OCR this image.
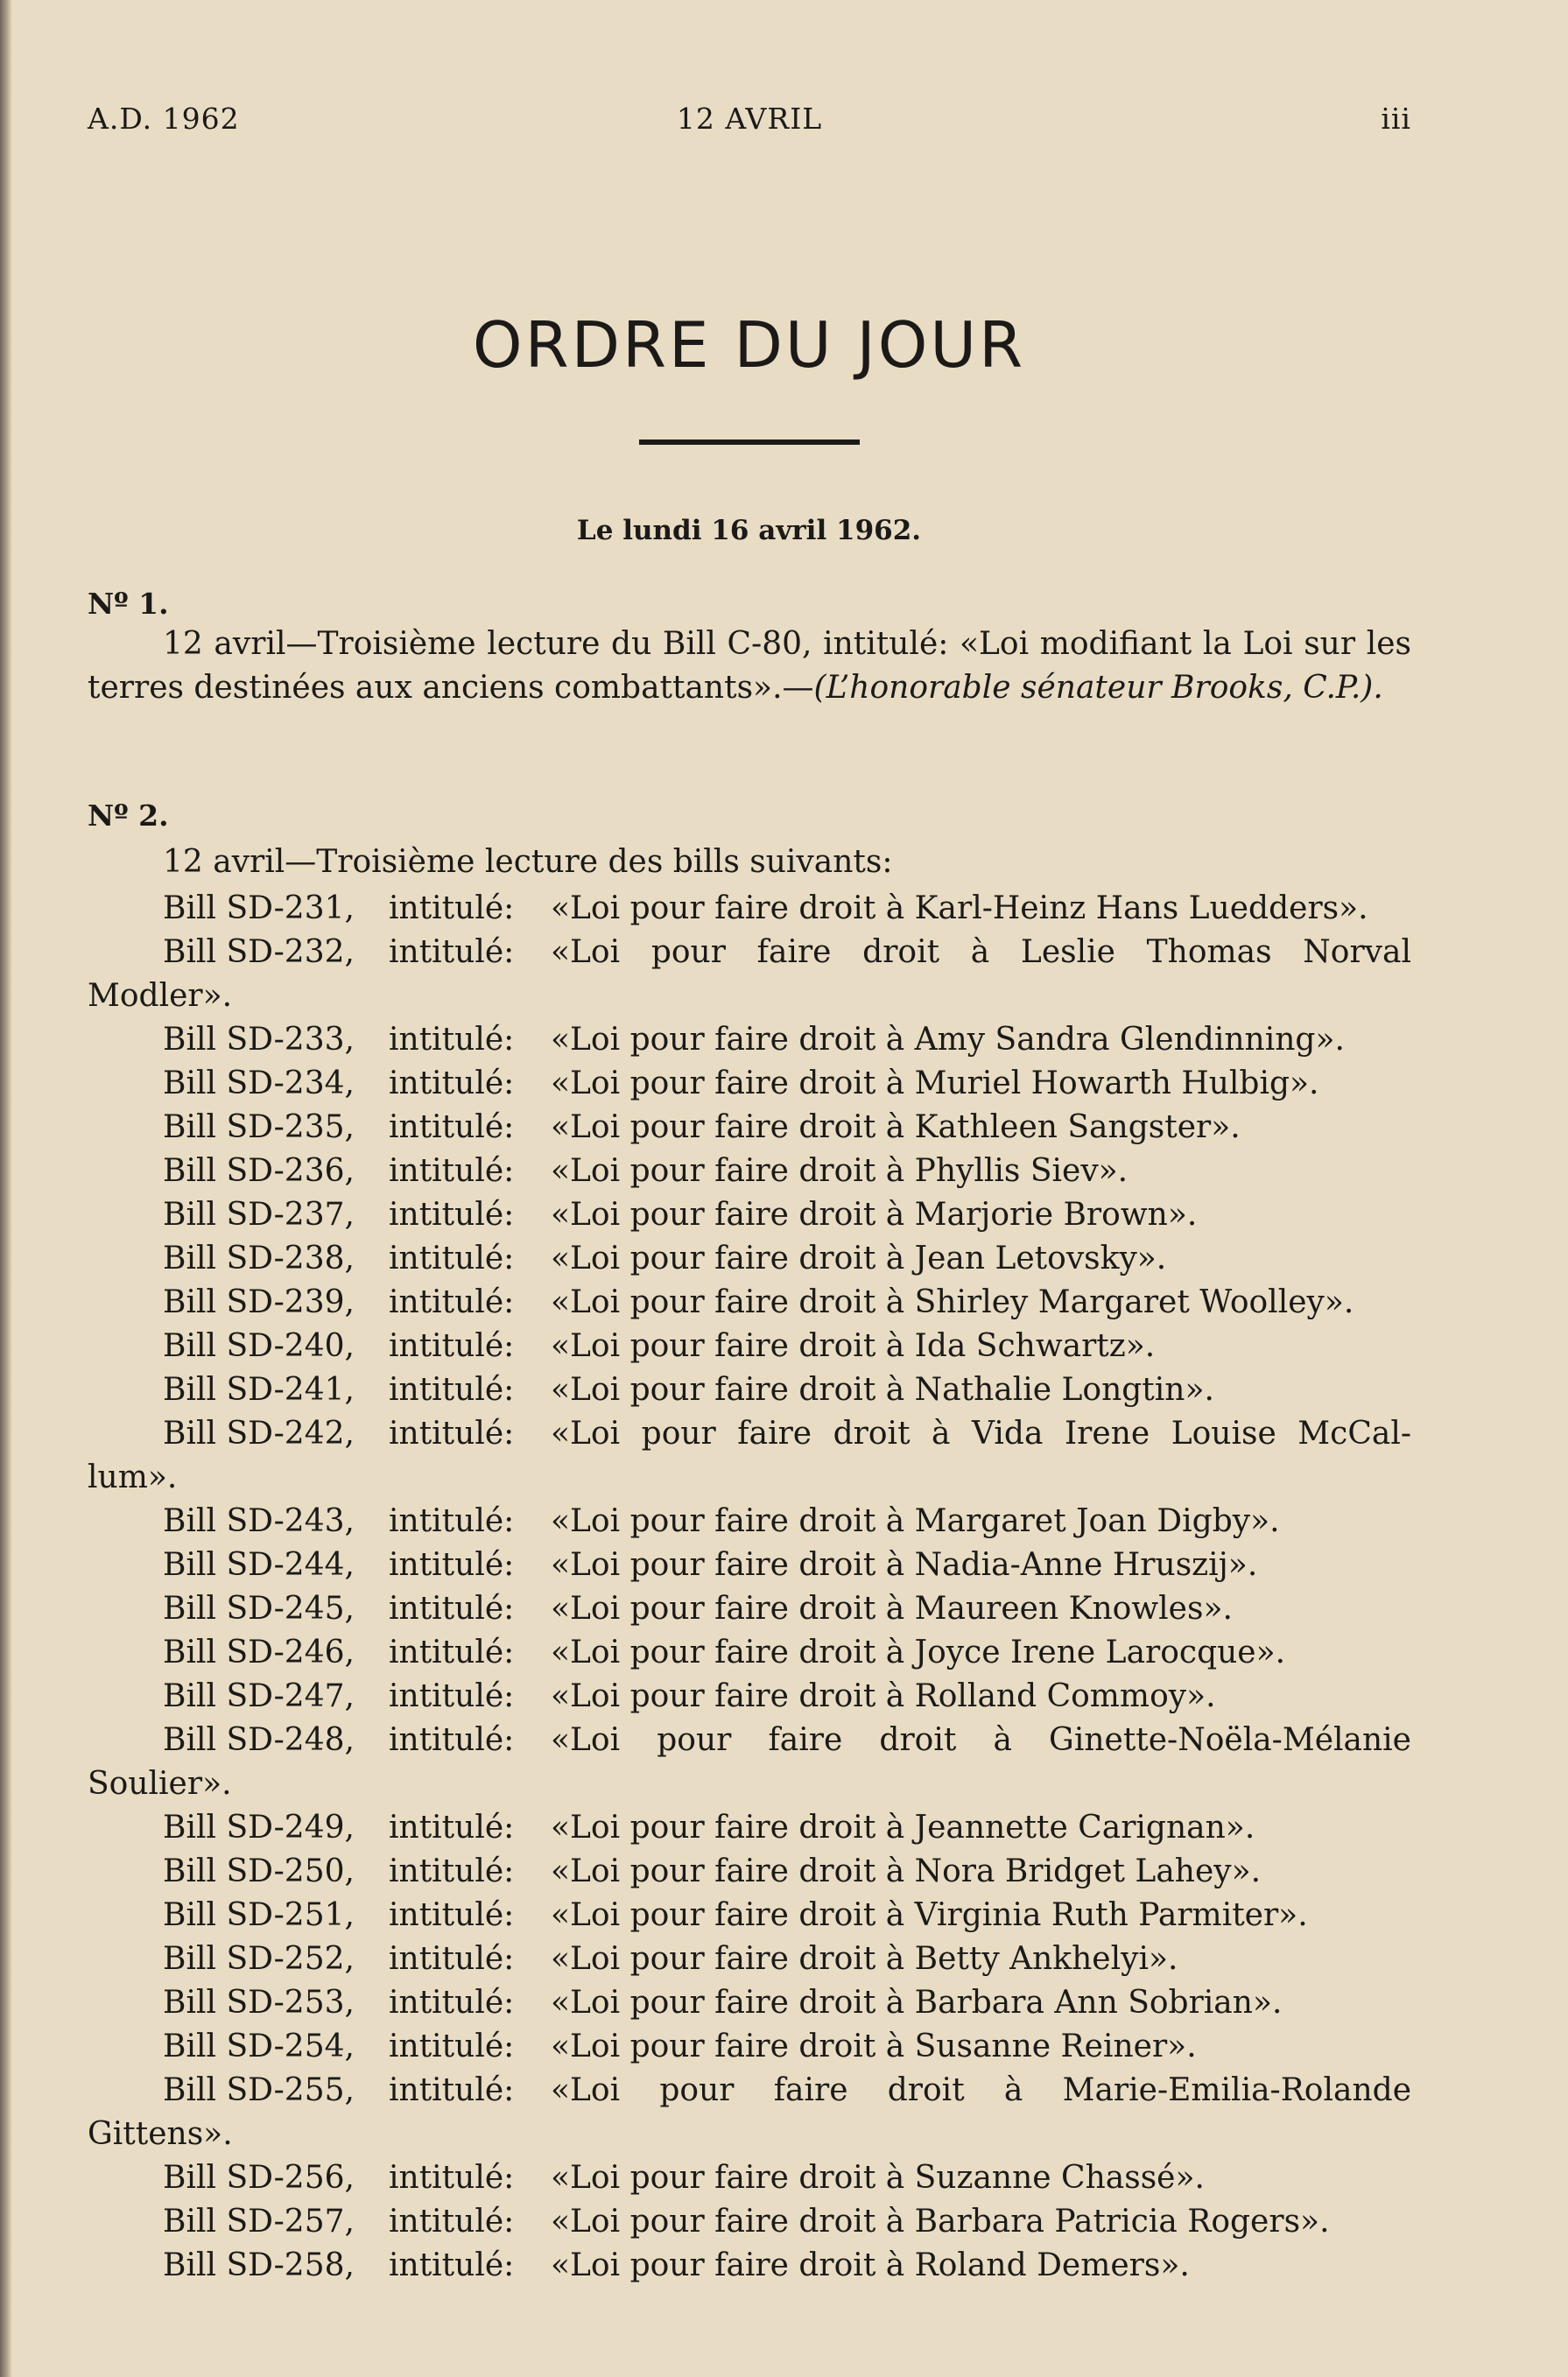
A.D. 1962	12 AVRIL	iii
ORDRE DU JOUR
Le lundi 16 avril 1962.
Nº 1.

12 avril—Troisième lecture du Bill C-80, intitulé: «Loi modifiant la Loi sur les terres destinées aux anciens combattants».—(L’honorable sénateur Brooks, C.P.).

Nº 2.

12 avril—Troisième lecture des bills suivants:

Bill SD-231,	intitulé:	«Loi pour faire droit à Karl-Heinz Hans Luedders».
Bill SD-232,	intitulé:	«Loi pour faire droit à Leslie Thomas Norval
Modler».
Bill SD-233,	intitulé:	«Loi pour faire droit à Amy Sandra Glendinning».
Bill SD-234,	intitulé:	«Loi pour faire droit à Muriel Howarth Hulbig».
Bill SD-235,	intitulé:	«Loi pour faire droit à Kathleen Sangster».
Bill SD-236,	intitulé:	«Loi pour faire droit à Phyllis Siev».
Bill SD-237,	intitulé:	«Loi pour faire droit à Marjorie Brown».
Bill SD-238,	intitulé:	«Loi pour faire droit à Jean Letovsky».
Bill SD-239,	intitulé:	«Loi pour faire droit à Shirley Margaret Woolley».
Bill SD-240,	intitulé:	«Loi pour faire droit à Ida Schwartz».
Bill SD-241,	intitulé:	«Loi pour faire droit à Nathalie Longtin».
Bill SD-242,	intitulé:	«Loi pour faire droit à Vida Irene Louise McCal-
lum».
Bill SD-243,	intitulé:	«Loi pour faire droit à Margaret Joan Digby».
Bill SD-244,	intitulé:	«Loi pour faire droit à Nadia-Anne Hruszij».
Bill SD-245,	intitulé:	«Loi pour faire droit à Maureen Knowles».
Bill SD-246,	intitulé:	«Loi pour faire droit à Joyce Irene Larocque».
Bill SD-247,	intitulé:	«Loi pour faire droit à Rolland Commoy».
Bill SD-248,	intitulé:	«Loi pour faire droit à Ginette-Noëla-Mélanie
Soulier».
Bill SD-249,	intitulé:	«Loi pour faire droit à Jeannette Carignan».
Bill SD-250,	intitulé:	«Loi pour faire droit à Nora Bridget Lahey».
Bill SD-251,	intitulé:	«Loi pour faire droit à Virginia Ruth Parmiter».
Bill SD-252,	intitulé:	«Loi pour faire droit à Betty Ankhelyi».
Bill SD-253,	intitulé:	«Loi pour faire droit à Barbara Ann Sobrian».
Bill SD-254,	intitulé:	«Loi pour faire droit à Susanne Reiner».
Bill SD-255,	intitulé:	«Loi pour faire droit à Marie-Emilia-Rolande
Gittens».
Bill SD-256,	intitulé:	«Loi pour faire droit à Suzanne Chassé».
Bill SD-257,	intitulé:	«Loi pour faire droit à Barbara Patricia Rogers».
Bill SD-258,	intitulé:	«Loi pour faire droit à Roland Demers».
